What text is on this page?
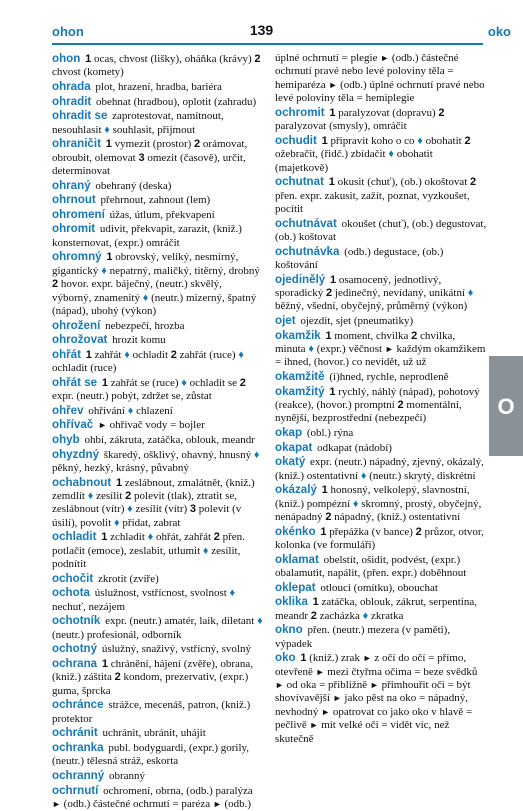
ohon	139	oko
ohon 1 ocas, chvost (lišky), oháňka (krávy) 2 chvost (komety)
ohrada plot, hrazení, hradba, bariéra
ohradit obehnat (hradbou), oplotit (zahradu)
ohradit se zaprotestovat, namítnout, nesouhlasit ♦ souhlasit, přijmout
ohraničit 1 vymezit (prostor) 2 orámovat, obroubit, olemovat 3 omezit (časově), určit, determinovat
ohraný obehraný (deska)
ohrnout přehrnout, zahnout (lem)
ohromení úžas, útlum, překvapení
ohromit udivit, překvapit, zarazit, (kniž.) konsternovat, (expr.) omráčit
ohromný 1 obrovský, veliký, nesmírný, gigantický ♦ nepatrný, maličký, titěrný, drobný 2 hovor. expr. báječný, (neutr.) skvělý, výborný, znamenitý ♦ (neutr.) mizerný, špatný (nápad), ubohý (výkon)
ohrožení nebezpečí, hrozba
ohrožovat hrozit komu
ohřát 1 zahřát ♦ ochladit 2 zahřát (ruce) ♦ ochladit (ruce)
ohřát se 1 zahřát se (ruce) ♦ ochladit se 2 expr. (neutr.) pobýt, zdržet se, zůstat
ohřev ohřívání ♦ chlazení
ohřívač ► ohřívač vody = bojler
ohyb ohbí, zákruta, zatáčka, oblouk, meandr
ohyzdný škaredý, ošklivý, ohavný, hnusný ♦ pěkný, hezký, krásný, půvabný
ochabnout 1 zeslábnout, zmalátnět, (kniž.) zemdlít ♦ zesílit 2 polevit (tlak), ztratit se, zeslábnout (vítr) ♦ zesílit (vítr) 3 polevit (v úsilí), povolit ♦ přidat, zabrat
ochladit 1 zchladit ♦ ohřát, zahřát 2 přen. potlačit (emoce), zeslabit, utlumit ♦ zesílit, podnítit
ochočit zkrotit (zvíře)
ochota úslužnost, vstřícnost, svolnost ♦ nechuť, nezájem
ochotník expr. (neutr.) amatér, laik, diletant ♦ (neutr.) profesionál, odborník
ochotný úslužný, snaživý, vstřícný, svolný
ochrana 1 chránění, hájení (zvěře), obrana, (kniž.) záštita 2 kondom, prezervativ, (expr.) guma, šprcka
ochránce strážce, mecenáš, patron, (kniž.) protektor
ochránit uchránit, ubránit, uhájit
ochranka publ. bodyguardi, (expr.) gorily, (neutr.) tělesná stráž, eskorta
ochranný obranný
ochrnutí ochromení, obrna, (odb.) paralýza ► (odb.) částečné ochrnutí = paréza ► (odb.)
úplné ochrnutí = plegie ► (odb.) částečné ochrnutí pravé nebo levé poloviny těla = hemiparéza ► (odb.) úplné ochrnutí pravé nebo levé poloviny těla = hemiplegie
ochromit 1 paralyzovat (dopravu) 2 paralyzovat (smysly), omráčit
ochudit 1 připravit koho o co ♦ obohatit 2 ožebračit, (řidč.) zbídačit ♦ obohatit (majetkově)
ochutnat 1 okusit (chuť), (ob.) okoštovat 2 přen. expr. zakusit, zažít, poznat, vyzkoušet, pocítit
ochutnávat okoušet (chuť), (ob.) degustovat, (ob.) koštovat
ochutnávka (odb.) degustace, (ob.) koštování
ojedinělý 1 osamocený, jednotlivý, sporadický 2 jedinečný, nevídaný, unikátní ♦ běžný, všední, obyčejný, průměrný (výkon)
ojet ojezdit, sjet (pneumatiky)
okamžik 1 moment, chvilka 2 chvilka, minuta ♦ (expr.) věčnost ► každým okamžikem = ihned, (hovor.) co nevidět, už už
okamžitě (i)hned, rychle, neprodleně
okamžitý 1 rychlý, náhlý (nápad), pohotový (reakce), (hovor.) promptní 2 momentální, nynější, bezprostřední (nebezpečí)
okap (obl.) rýna
okapat odkapat (nádobí)
okatý expr. (neutr.) nápadný, zjevný, okázalý, (kniž.) ostentativní ♦ (neutr.) skrytý, diskrétní
okázalý 1 honosný, velkolepý, slavnostní, (kniž.) pompézní ♦ skromný, prostý, obyčejný, nenápadný 2 nápadný, (kniž.) ostentativní
okénko 1 přepážka (v bance) 2 průzor, otvor, kolonka (ve formuláři)
oklamat obelstít, ošidit, podvést, (expr.) obalamutit, napálit, (přen. expr.) doběhnout
oklepat otlouci (omítku), obouchat
oklika 1 zatáčka, oblouk, zákrut, serpentina, meandr 2 zacházka ♦ zkratka
okno přen. (neutr.) mezera (v paměti), výpadek
oko 1 (kniž.) zrak ► z očí do očí = přímo, otevřeně ► mezi čtyřma očima = beze svědků ► od oka = přibližně ► přimhouřit oči = být shovívavější ► jako pěst na oko = nápadný, nevhodný ► opatrovat co jako oko v hlavě = pečlivě ► mít velké oči = vidět víc, než skutečně
O
